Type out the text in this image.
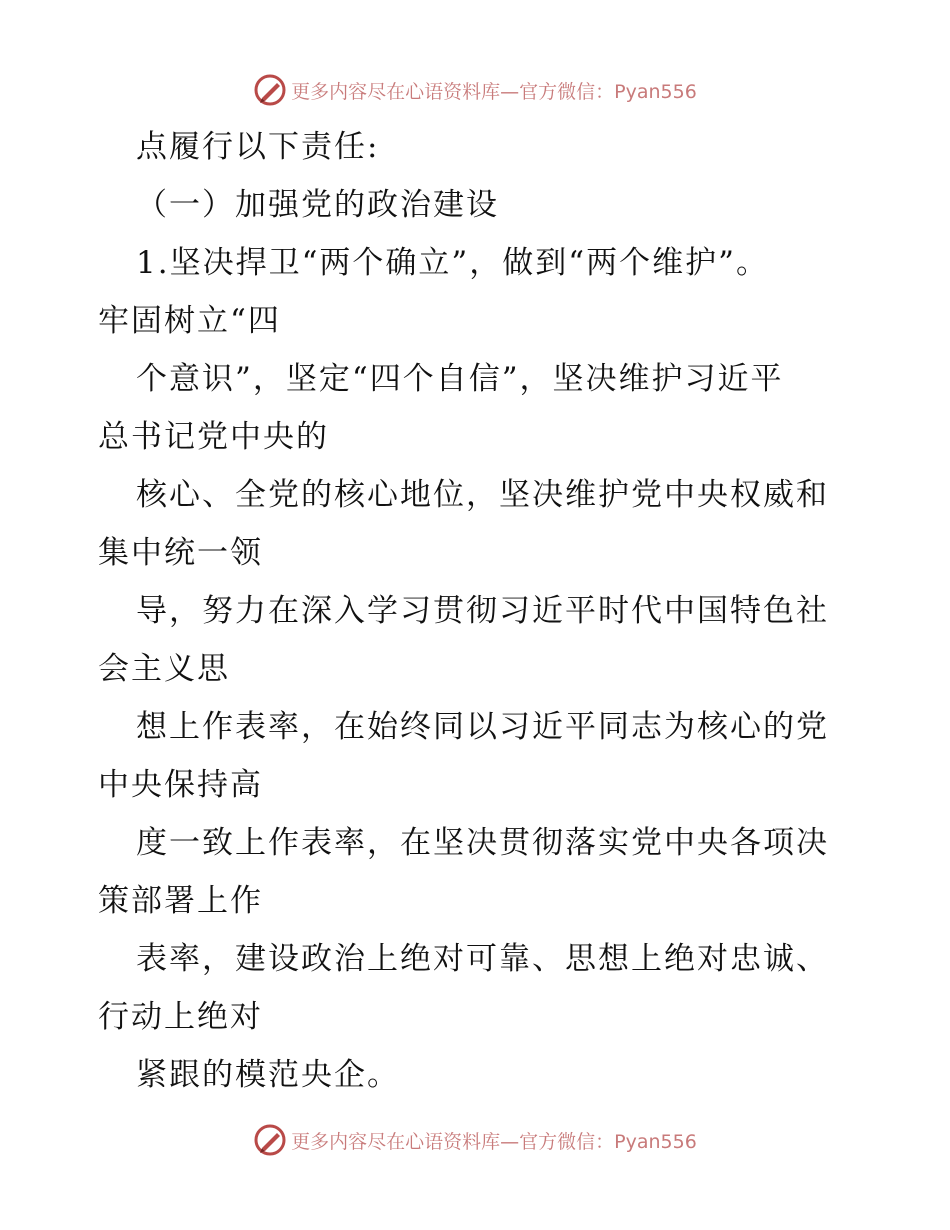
更多内容尽在心语资料库—官方微信：Pyan556
点履行以下责任:
（一）加强党的政治建设
1.坚决捍卫“两个确立”，做到“两个维护”。
牢固树立“四
个意识”，坚定“四个自信”，坚决维护习近平
总书记党中央的
核心、全党的核心地位，坚决维护党中央权威和
集中统一领
导，努力在深入学习贯彻习近平时代中国特色社
会主义思
想上作表率，在始终同以习近平同志为核心的党
中央保持高
度一致上作表率，在坚决贯彻落实党中央各项决
策部署上作
表率，建设政治上绝对可靠、思想上绝对忠诚、
行动上绝对
紧跟的模范央企。
更多内容尽在心语资料库—官方微信：Pyan556
